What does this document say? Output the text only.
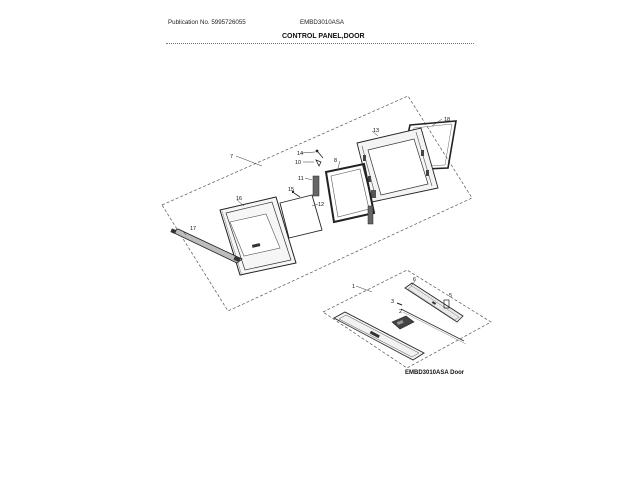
Publication No. 5995726055	EMBD3010ASA
CONTROL PANEL,DOOR
7
18
13
8
14
10
11
15
12
16
17
1
6
5
3
2
EMBD3010ASA Door
